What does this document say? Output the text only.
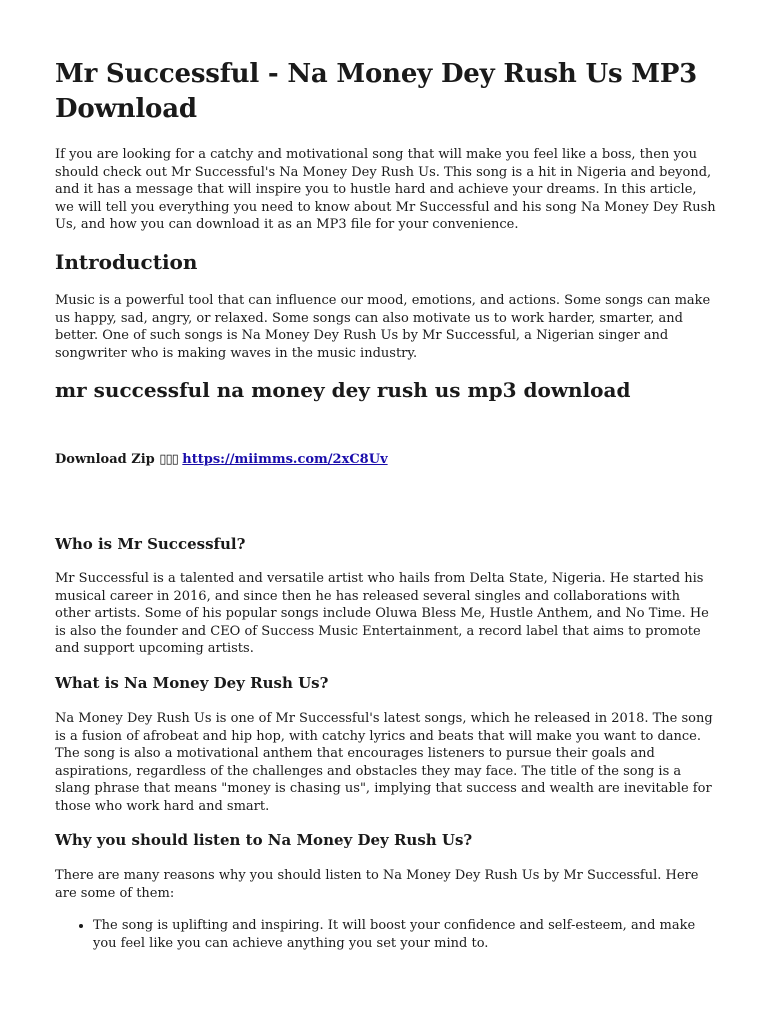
Mr Successful - Na Money Dey Rush Us MP3 Download

If you are looking for a catchy and motivational song that will make you feel like a boss, then you should check out Mr Successful's Na Money Dey Rush Us. This song is a hit in Nigeria and beyond, and it has a message that will inspire you to hustle hard and achieve your dreams. In this article, we will tell you everything you need to know about Mr Successful and his song Na Money Dey Rush Us, and how you can download it as an MP3 file for your convenience.

Introduction

Music is a powerful tool that can influence our mood, emotions, and actions. Some songs can make us happy, sad, angry, or relaxed. Some songs can also motivate us to work harder, smarter, and better. One of such songs is Na Money Dey Rush Us by Mr Successful, a Nigerian singer and songwriter who is making waves in the music industry.

mr successful na money dey rush us mp3 download
Download Zip ▯▯▯ https://miimms.com/2xC8Uv
Who is Mr Successful?

Mr Successful is a talented and versatile artist who hails from Delta State, Nigeria. He started his musical career in 2016, and since then he has released several singles and collaborations with other artists. Some of his popular songs include Oluwa Bless Me, Hustle Anthem, and No Time. He is also the founder and CEO of Success Music Entertainment, a record label that aims to promote and support upcoming artists.

What is Na Money Dey Rush Us?

Na Money Dey Rush Us is one of Mr Successful's latest songs, which he released in 2018. The song is a fusion of afrobeat and hip hop, with catchy lyrics and beats that will make you want to dance. The song is also a motivational anthem that encourages listeners to pursue their goals and aspirations, regardless of the challenges and obstacles they may face. The title of the song is a slang phrase that means "money is chasing us", implying that success and wealth are inevitable for those who work hard and smart.

Why you should listen to Na Money Dey Rush Us?

There are many reasons why you should listen to Na Money Dey Rush Us by Mr Successful. Here are some of them:

• The song is uplifting and inspiring. It will boost your confidence and self-esteem, and make you feel like you can achieve anything you set your mind to.
